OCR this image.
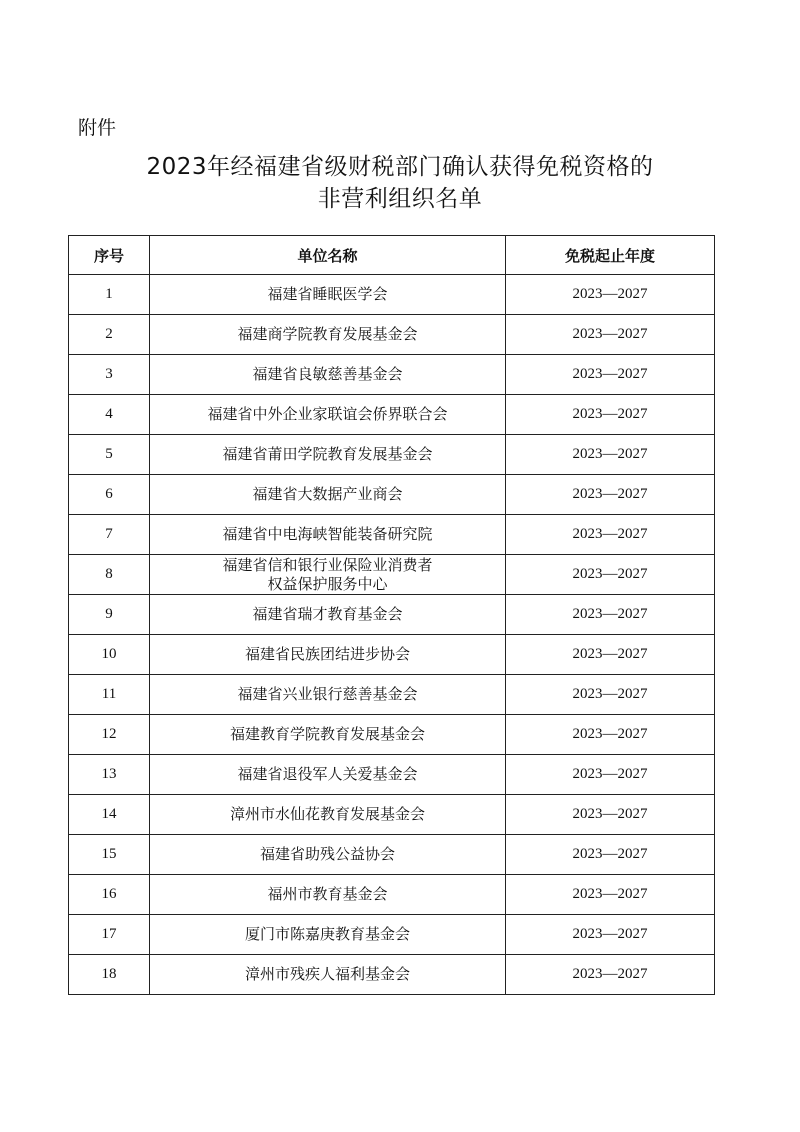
附件
2023年经福建省级财税部门确认获得免税资格的
非营利组织名单
序号	单位名称	免税起止年度
1	福建省睡眠医学会	2023—2027
2	福建商学院教育发展基金会	2023—2027
3	福建省良敏慈善基金会	2023—2027
4	福建省中外企业家联谊会侨界联合会	2023—2027
5	福建省莆田学院教育发展基金会	2023—2027
6	福建省大数据产业商会	2023—2027
7	福建省中电海峡智能装备研究院	2023—2027
8	福建省信和银行业保险业消费者
权益保护服务中心	2023—2027
9	福建省瑞才教育基金会	2023—2027
10	福建省民族团结进步协会	2023—2027
11	福建省兴业银行慈善基金会	2023—2027
12	福建教育学院教育发展基金会	2023—2027
13	福建省退役军人关爱基金会	2023—2027
14	漳州市水仙花教育发展基金会	2023—2027
15	福建省助残公益协会	2023—2027
16	福州市教育基金会	2023—2027
17	厦门市陈嘉庚教育基金会	2023—2027
18	漳州市残疾人福利基金会	2023—2027
